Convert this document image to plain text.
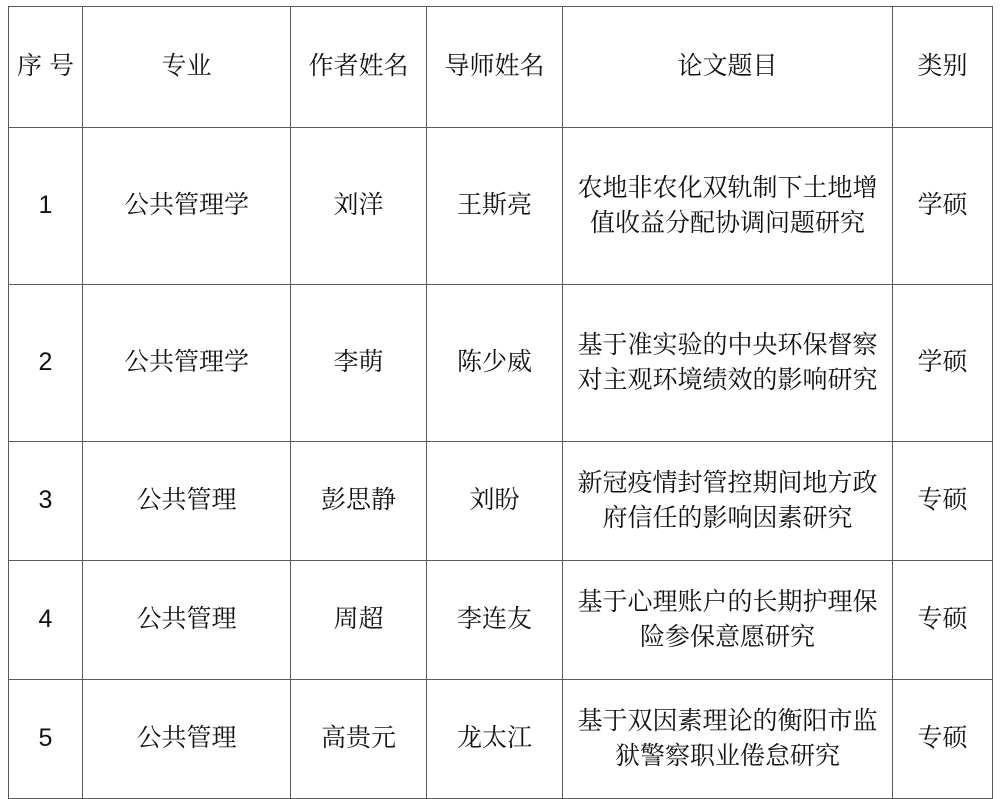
序 号	专业	作者姓名	导师姓名	论文题目	类别
1	公共管理学	刘洋	王斯亮	农地非农化双轨制下土地增值收益分配协调问题研究	学硕
2	公共管理学	李萌	陈少威	基于准实验的中央环保督察对主观环境绩效的影响研究	学硕
3	公共管理	彭思静	刘盼	新冠疫情封管控期间地方政府信任的影响因素研究	专硕
4	公共管理	周超	李连友	基于心理账户的长期护理保险参保意愿研究	专硕
5	公共管理	高贵元	龙太江	基于双因素理论的衡阳市监狱警察职业倦怠研究	专硕
